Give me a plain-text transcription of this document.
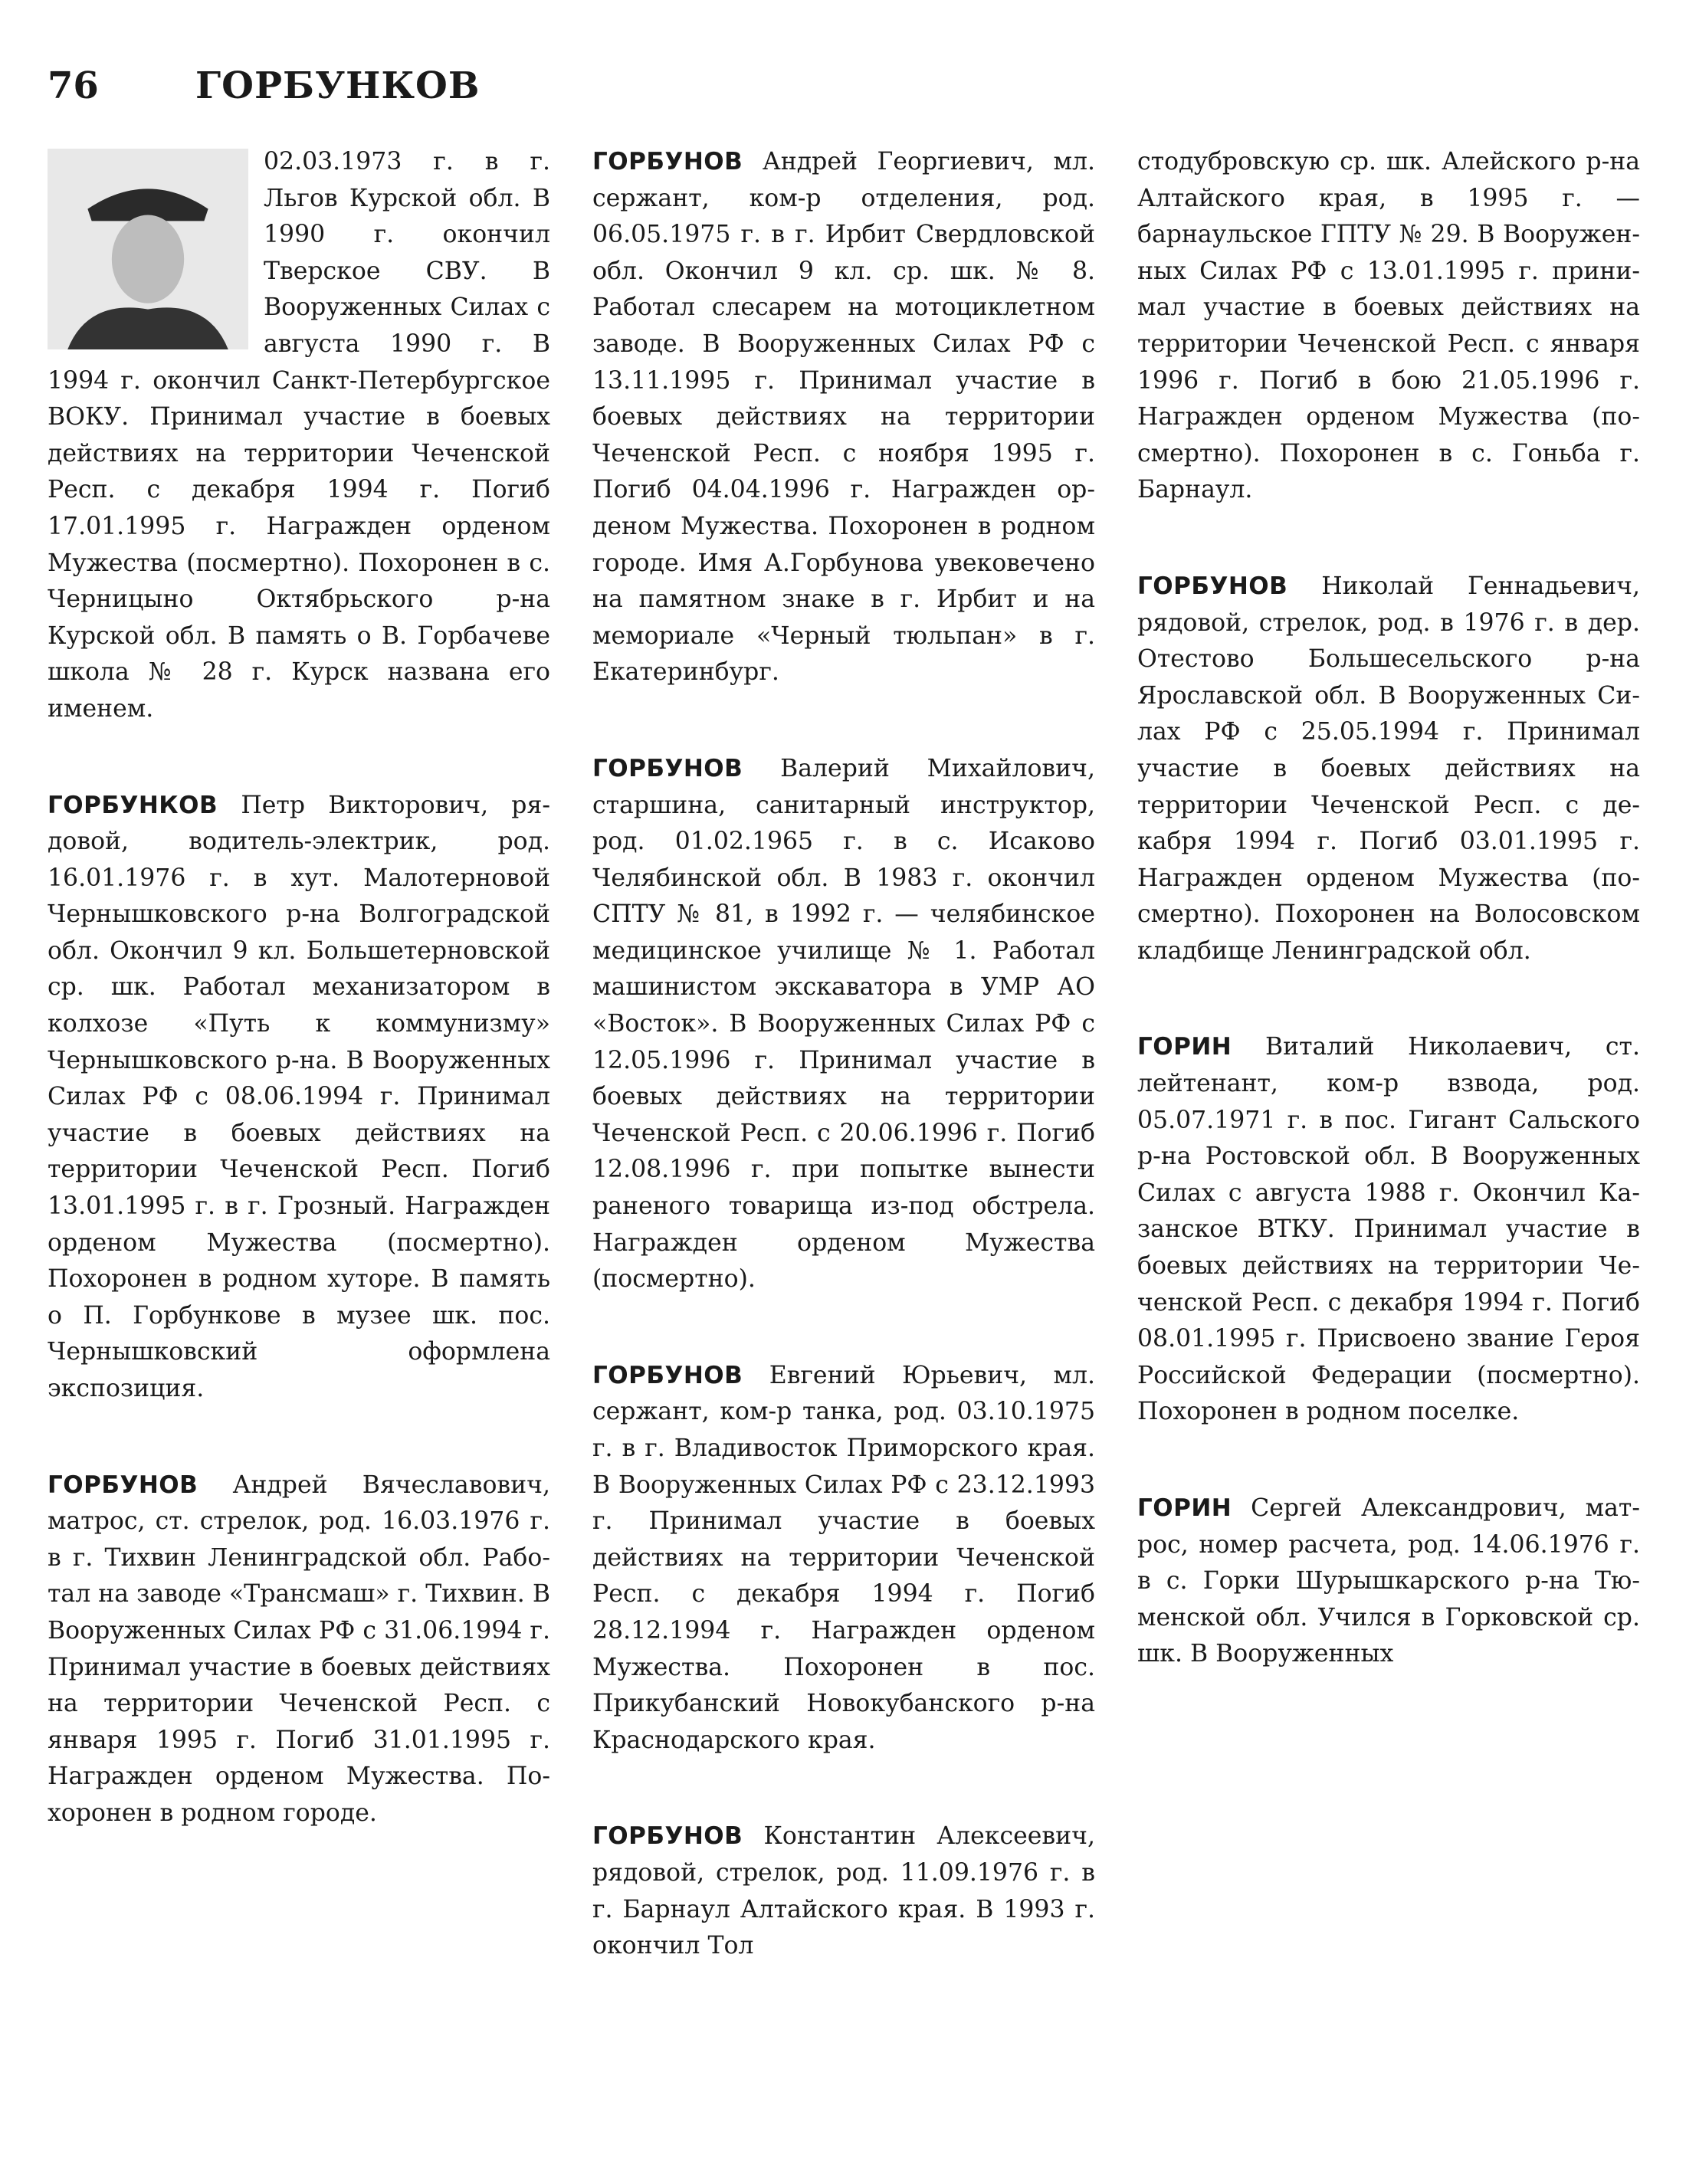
76	ГОРБУНКОВ
02.03.1973 г. в г. Льгов Курской обл. В 1990 г. окончил Тверское СВУ. В Вооруженных Силах с августа 1990 г. В 1994 г. окончил Санкт-Петербургское ВОКУ. Принимал участие в боевых действиях на территории Чеченской Респ. с декабря 1994 г. Погиб 17.01.1995 г. Награжден орденом Мужества (посмертно). Похоронен в с. Черницыно Октябрьского р-на Курской обл. В память о В. Горбачеве школа № 28 г. Курск названа его именем.
ГОРБУНКОВ Петр Викторович, рядовой, водитель-электрик, род. 16.01.1976 г. в хут. Малотерновой Чернышковского р-на Волгоградской обл. Окончил 9 кл. Большетерновской ср. шк. Работал механизатором в колхозе «Путь к коммунизму» Чернышковского р-на. В Вооруженных Силах РФ с 08.06.1994 г. Принимал участие в боевых действиях на территории Чеченской Респ. Погиб 13.01.1995 г. в г. Грозный. Награжден орденом Мужества (посмертно). Похоронен в родном хуторе. В память о П. Горбункове в музее шк. пос. Чернышковский оформлена экспозиция.
ГОРБУНОВ Андрей Вячеславович, матрос, ст. стрелок, род. 16.03.1976 г. в г. Тихвин Ленинградской обл. Работал на заводе «Трансмаш» г. Тихвин. В Вооруженных Силах РФ с 31.06.1994 г. Принимал участие в боевых действиях на территории Чеченской Респ. с января 1995 г. Погиб 31.01.1995 г. Награжден орденом Мужества. Похоронен в родном городе.
ГОРБУНОВ Андрей Георгиевич, мл. сержант, ком-р отделения, род. 06.05.1975 г. в г. Ирбит Свердловской обл. Окончил 9 кл. ср. шк. № 8. Работал слесарем на мотоциклетном заводе. В Вооруженных Силах РФ с 13.11.1995 г. Принимал участие в боевых действиях на территории Чеченской Респ. с ноября 1995 г. Погиб 04.04.1996 г. Награжден орденом Мужества. Похоронен в родном городе. Имя А.Горбунова увековечено на памятном знаке в г. Ирбит и на мемориале «Черный тюльпан» в г. Екатеринбург.
ГОРБУНОВ Валерий Михайлович, старшина, санитарный инструктор, род. 01.02.1965 г. в с. Исаково Челябинской обл. В 1983 г. окончил СПТУ № 81, в 1992 г. — челябинское медицинское училище № 1. Работал машинистом экскаватора в УМР АО «Восток». В Вооруженных Силах РФ с 12.05.1996 г. Принимал участие в боевых действиях на территории Чеченской Респ. с 20.06.1996 г. Погиб 12.08.1996 г. при попытке вынести раненого товарища из-под обстрела. Награжден орденом Мужества (посмертно).
ГОРБУНОВ Евгений Юрьевич, мл. сержант, ком-р танка, род. 03.10.1975 г. в г. Владивосток Приморского края. В Вооруженных Силах РФ с 23.12.1993 г. Принимал участие в боевых действиях на территории Чеченской Респ. с декабря 1994 г. Погиб 28.12.1994 г. Награжден орденом Мужества. Похоронен в пос. Прикубанский Новокубанского р-на Краснодарского края.
ГОРБУНОВ Константин Алексеевич, рядовой, стрелок, род. 11.09.1976 г. в г. Барнаул Алтайского края. В 1993 г. окончил Тол
стодубровскую ср. шк. Алейского р-на Алтайского края, в 1995 г. — барнаульское ГПТУ № 29. В Вооруженных Силах РФ с 13.01.1995 г. принимал участие в боевых действиях на территории Чеченской Респ. с января 1996 г. Погиб в бою 21.05.1996 г. Награжден орденом Мужества (посмертно). Похоронен в с. Гоньба г. Барнаул.
ГОРБУНОВ Николай Геннадьевич, рядовой, стрелок, род. в 1976 г. в дер. Отестово Большесельского р-на Ярославской обл. В Вооруженных Силах РФ с 25.05.1994 г. Принимал участие в боевых действиях на территории Чеченской Респ. с декабря 1994 г. Погиб 03.01.1995 г. Награжден орденом Мужества (посмертно). Похоронен на Волосовском кладбище Ленинградской обл.
ГОРИН Виталий Николаевич, ст. лейтенант, ком-р взвода, род. 05.07.1971 г. в пос. Гигант Сальского р-на Ростовской обл. В Вооруженных Силах с августа 1988 г. Окончил Казанское ВТКУ. Принимал участие в боевых действиях на территории Чеченской Респ. с декабря 1994 г. Погиб 08.01.1995 г. Присвоено звание Героя Российской Федерации (посмертно). Похоронен в родном поселке.
ГОРИН Сергей Александрович, матрос, номер расчета, род. 14.06.1976 г. в с. Горки Шурышкарского р-на Тюменской обл. Учился в Горковской ср. шк. В Вооруженных
